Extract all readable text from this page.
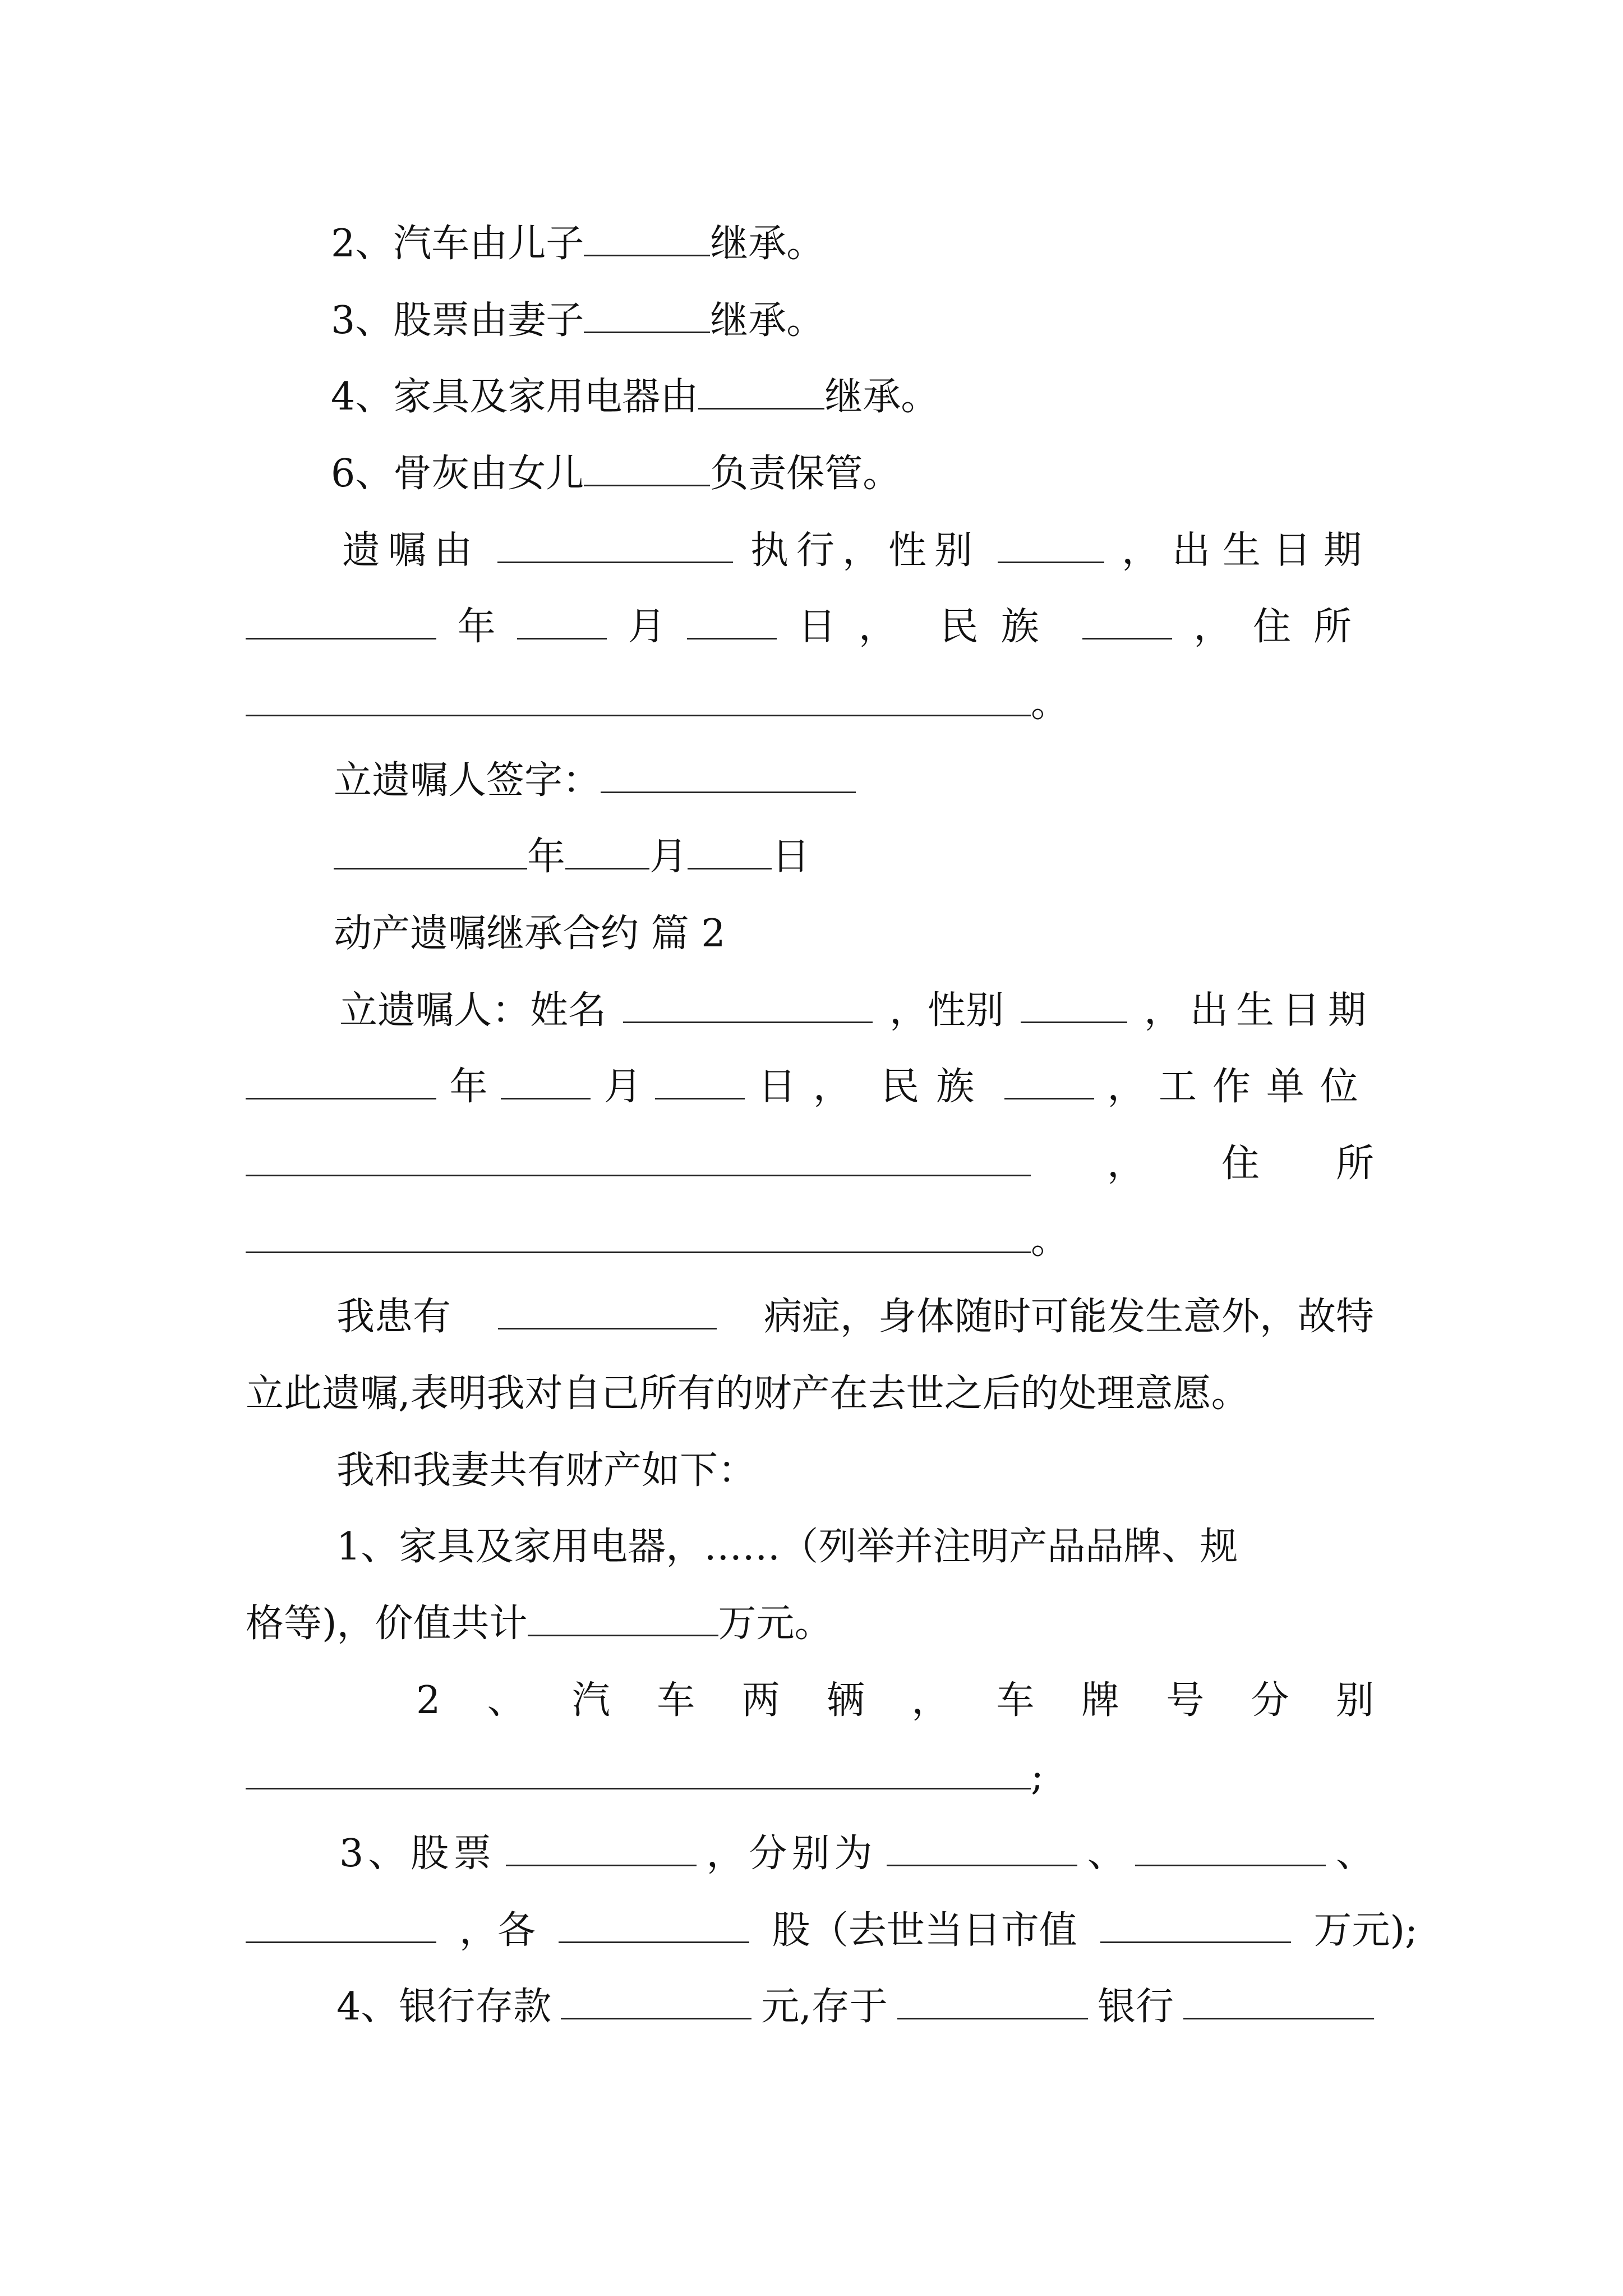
2、汽车由儿子	继承。
3、股票由妻子	继承。
4、家具及家用电器由	继承。
6、骨灰由女儿	负责保管。
遗嘱由	执行，性别	，出生日期
年	月	日， 民族	， 住所
。
立遗嘱人签字：
年 月 日
动产遗嘱继承合约 篇 2
立遗嘱人：姓名	，性别	，出生日期
年	月	日， 民族	， 工作单位
， 住 所
。
我患有	病症，身体随时可能发生意外，故特
立此遗嘱,表明我对自己所有的财产在去世之后的处理意愿。
我和我妻共有财产如下：
1、家具及家用电器，……（列举并注明产品品牌、规
格等)，价值共计	万元。
2 、 汽 车 两 辆 ， 车 牌 号 分 别
;
3、股票	，分别为	、	、
，各	股（去世当日市值	万元);
4、银行存款	元,存于	银行
